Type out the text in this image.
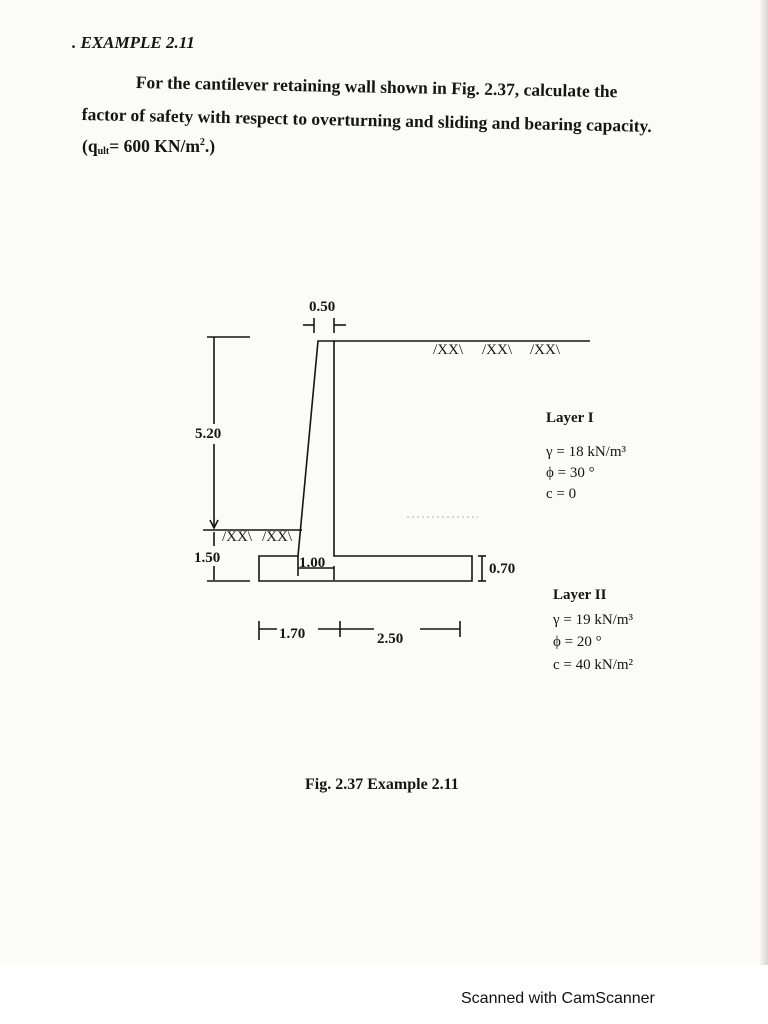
. EXAMPLE 2.11
For the cantilever retaining wall shown in Fig. 2.37, calculate the
factor of safety with respect to overturning and sliding and bearing capacity.
($q_{ult}= 600$ $KN/m^2$.)
/XX\ /XX\ /XX\
/XX\ /XX\
0.50
5.20
1.50	1.00	0.70
1.70	2.50
Layer I
γ = 18 kN/m³
ϕ = 30 °
c = 0
Layer II
γ = 19 kN/m³
ϕ = 20 °
c = 40 kN/m²
Fig. 2.37 Example 2.11
Scanned with CamScanner
